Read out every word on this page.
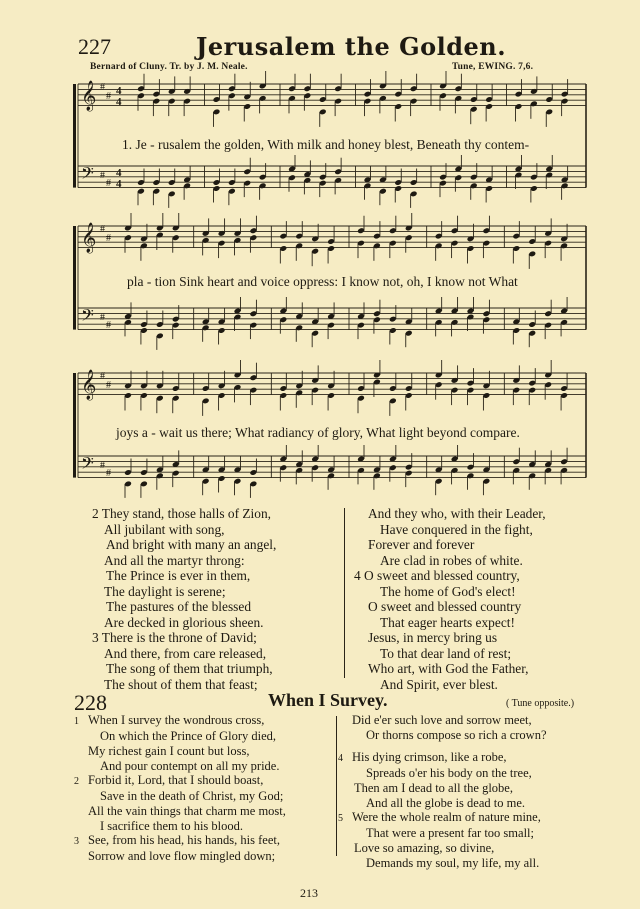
227	Jerusalem the Golden.
Bernard of Cluny. Tr. by J. M. Neale.	Tune, EWING. 7,6.
𝄞
𝄢
#
#
#
#
4
4
4
4
𝄞
𝄢
#
#
#
#
𝄞
𝄢
#
#
#
#
1. Je - rusalem the golden, With milk and honey blest, Beneath thy contem-
pla - tion Sink heart and voice oppress: I know not, oh, I know not What
joys a - wait us there; What radiancy of glory, What light beyond compare.
2 They stand, those halls of Zion,
All jubilant with song,
And bright with many an angel,
And all the martyr throng:
The Prince is ever in them,
The daylight is serene;
The pastures of the blessed
Are decked in glorious sheen.
3 There is the throne of David;
And there, from care released,
The song of them that triumph,
The shout of them that feast;
And they who, with their Leader,
Have conquered in the fight,
Forever and forever
Are clad in robes of white.
4 O sweet and blessed country,
The home of God's elect!
O sweet and blessed country
That eager hearts expect!
Jesus, in mercy bring us
To that dear land of rest;
Who art, with God the Father,
And Spirit, ever blest.
228	When I Survey.	( Tune opposite.)
1 When I survey the wondrous cross,
On which the Prince of Glory died,
My richest gain I count but loss,
And pour contempt on all my pride.
2 Forbid it, Lord, that I should boast,
Save in the death of Christ, my God;
All the vain things that charm me most,
I sacrifice them to his blood.
3 See, from his head, his hands, his feet,
Sorrow and love flow mingled down;
Did e'er such love and sorrow meet,
Or thorns compose so rich a crown?
4 His dying crimson, like a robe,
Spreads o'er his body on the tree,
Then am I dead to all the globe,
And all the globe is dead to me.
5 Were the whole realm of nature mine,
That were a present far too small;
Love so amazing, so divine,
Demands my soul, my life, my all.
213
